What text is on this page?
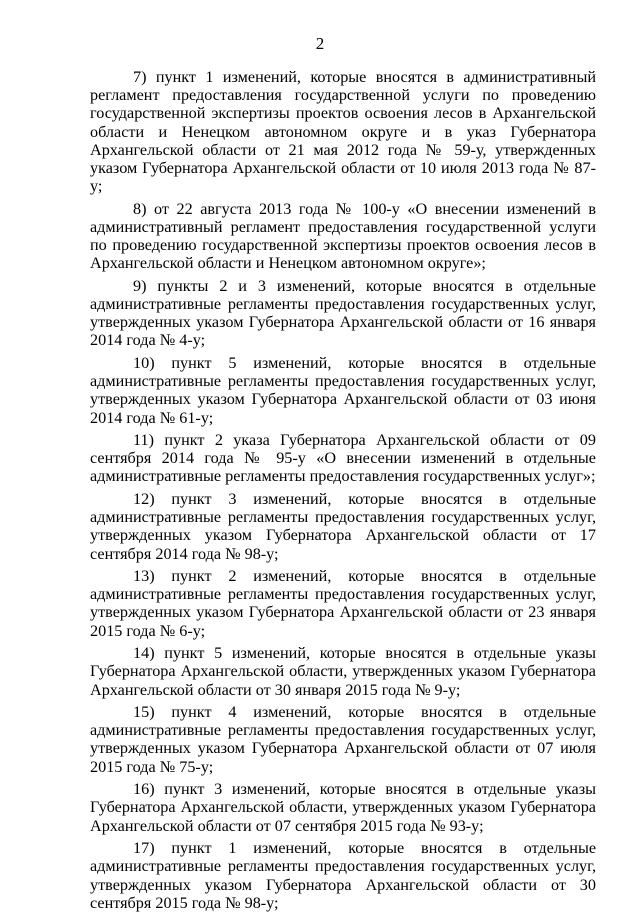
2

7) пункт 1 изменений, которые вносятся в административный регламент предоставления государственной услуги по проведению государственной экспертизы проектов освоения лесов в Архангельской области и Ненецком автономном округе и в указ Губернатора Архангельской области от 21 мая 2012 года № 59-у, утвержденных указом Губернатора Архангельской области от 10 июля 2013 года № 87-у;

8) от 22 августа 2013 года № 100-у «О внесении изменений в административный регламент предоставления государственной услуги по проведению государственной экспертизы проектов освоения лесов в Архангельской области и Ненецком автономном округе»;

9) пункты 2 и 3 изменений, которые вносятся в отдельные административные регламенты предоставления государственных услуг, утвержденных указом Губернатора Архангельской области от 16 января 2014 года № 4-у;

10) пункт 5 изменений, которые вносятся в отдельные административные регламенты предоставления государственных услуг, утвержденных указом Губернатора Архангельской области от 03 июня 2014 года № 61-у;

11) пункт 2 указа Губернатора Архангельской области от 09 сентября 2014 года № 95-у «О внесении изменений в отдельные административные регламенты предоставления государственных услуг»;

12) пункт 3 изменений, которые вносятся в отдельные административные регламенты предоставления государственных услуг, утвержденных указом Губернатора Архангельской области от 17 сентября 2014 года № 98-у;

13) пункт 2 изменений, которые вносятся в отдельные административные регламенты предоставления государственных услуг, утвержденных указом Губернатора Архангельской области от 23 января 2015 года № 6-у;

14) пункт 5 изменений, которые вносятся в отдельные указы Губернатора Архангельской области, утвержденных указом Губернатора Архангельской области от 30 января 2015 года № 9-у;

15) пункт 4 изменений, которые вносятся в отдельные административные регламенты предоставления государственных услуг, утвержденных указом Губернатора Архангельской области от 07 июля 2015 года № 75-у;

16) пункт 3 изменений, которые вносятся в отдельные указы Губернатора Архангельской области, утвержденных указом Губернатора Архангельской области от 07 сентября 2015 года № 93-у;

17) пункт 1 изменений, которые вносятся в отдельные административные регламенты предоставления государственных услуг, утвержденных указом Губернатора Архангельской области от 30 сентября 2015 года № 98-у;
